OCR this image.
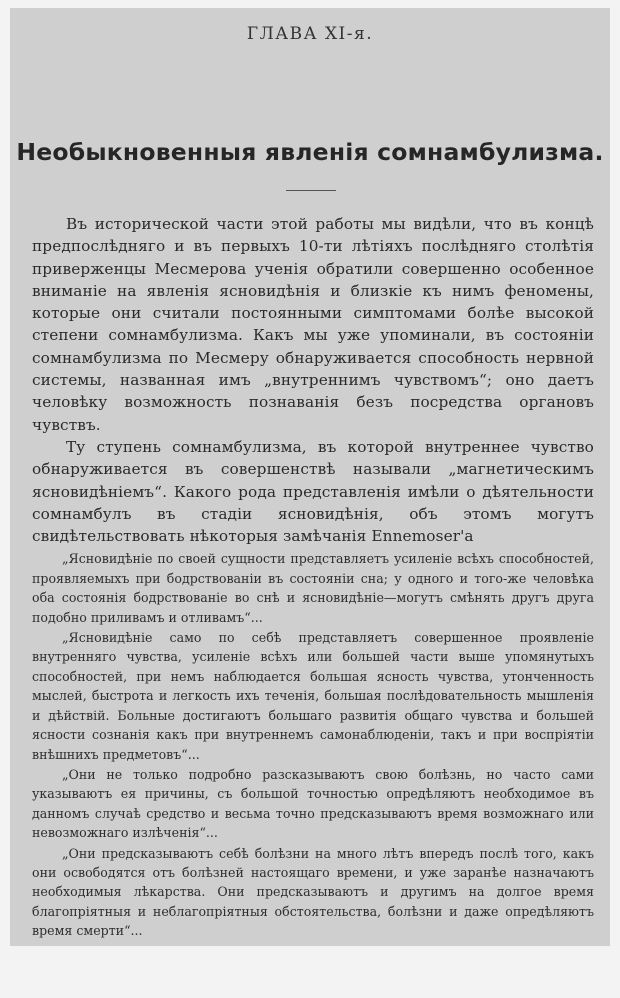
ГЛАВА XI-я.
Необыкновенныя явленія сомнамбулизма.

Въ исторической части этой работы мы видѣли, что въ концѣ предпослѣдняго и въ первыхъ 10-ти лѣтіяхъ послѣдняго столѣтія приверженцы Месмерова ученія обратили совершенно особенное вниманіе на явленія ясновидѣнія и близкіе къ нимъ феномены, которые они считали постоянными симптомами болѣе высокой степени сомнамбулизма. Какъ мы уже упоминали, въ состояніи сомнамбулизма по Месмеру обнаруживается способность нервной системы, названная имъ „внутреннимъ чувствомъ“; оно даетъ человѣку возможность познаванія безъ посредства органовъ чувствъ.

Ту ступень сомнамбулизма, въ которой внутреннее чувство обнаруживается въ совершенствѣ называли „магнетическимъ ясновидѣніемъ“. Какого рода представленія имѣли о дѣятельности сомнамбулъ въ стадіи ясновидѣнія, объ этомъ могутъ свидѣтельствовать нѣкоторыя замѣчанія Ennemoser'a

„Ясновидѣніе по своей сущности представляетъ усиленіе всѣхъ способностей, проявляемыхъ при бодрствованіи въ состояніи сна; у одного и того-же человѣка оба состоянія бодрствованіе во снѣ и ясновидѣніе—могутъ смѣнять другъ друга подобно приливамъ и отливамъ“...

„Ясновидѣніе само по себѣ представляетъ совершенное проявленіе внутренняго чувства, усиленіе всѣхъ или большей части выше упомянутыхъ способностей, при немъ наблюдается большая ясность чувства, утонченность мыслей, быстрота и легкость ихъ теченія, большая послѣдовательность мышленія и дѣйствій. Больные достигаютъ большаго развитія общаго чувства и большей ясности сознанія какъ при внутреннемъ самонаблюденіи, такъ и при воспріятіи внѣшнихъ предметовъ“...

„Они не только подробно разсказываютъ свою болѣзнь, но часто сами указываютъ ея причины, съ большой точностью опредѣляютъ необходимое въ данномъ случаѣ средство и весьма точно предсказываютъ время возможнаго или невозможнаго излѣченія“...

„Они предсказываютъ себѣ болѣзни на много лѣтъ впередъ послѣ того, какъ они освободятся отъ болѣзней настоящаго времени, и уже заранѣе назначаютъ необходимыя лѣкарства. Они предсказываютъ и другимъ на долгое время благопріятныя и неблагопріятныя обстоятельства, болѣзни и даже опредѣляютъ время смерти“...
